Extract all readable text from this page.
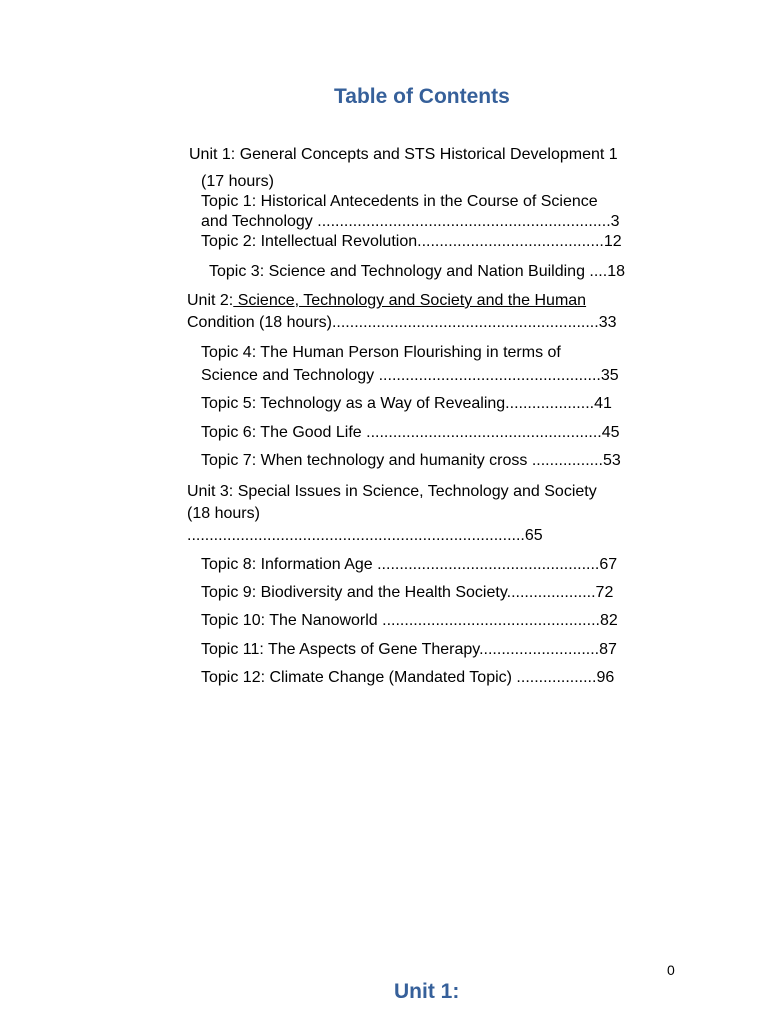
Table of Contents
Unit 1: General Concepts and STS Historical Development 1
(17 hours)
Topic 1: Historical Antecedents in the Course of Science
and Technology ..................................................................3
Topic 2: Intellectual Revolution..........................................12
Topic 3: Science and Technology and Nation Building ....18
Unit 2: Science, Technology and Society and the Human
Condition (18 hours)............................................................33
Topic 4: The Human Person Flourishing in terms of
Science and Technology ..................................................35
Topic 5: Technology as a Way of Revealing....................41
Topic 6: The Good Life .....................................................45
Topic 7: When technology and humanity cross ................53
Unit 3: Special Issues in Science, Technology and Society
(18 hours)
............................................................................65
Topic 8: Information Age ..................................................67
Topic 9: Biodiversity and the Health Society....................72
Topic 10: The Nanoworld .................................................82
Topic 11: The Aspects of Gene Therapy...........................87
Topic 12: Climate Change (Mandated Topic) ..................96
0
Unit 1:
